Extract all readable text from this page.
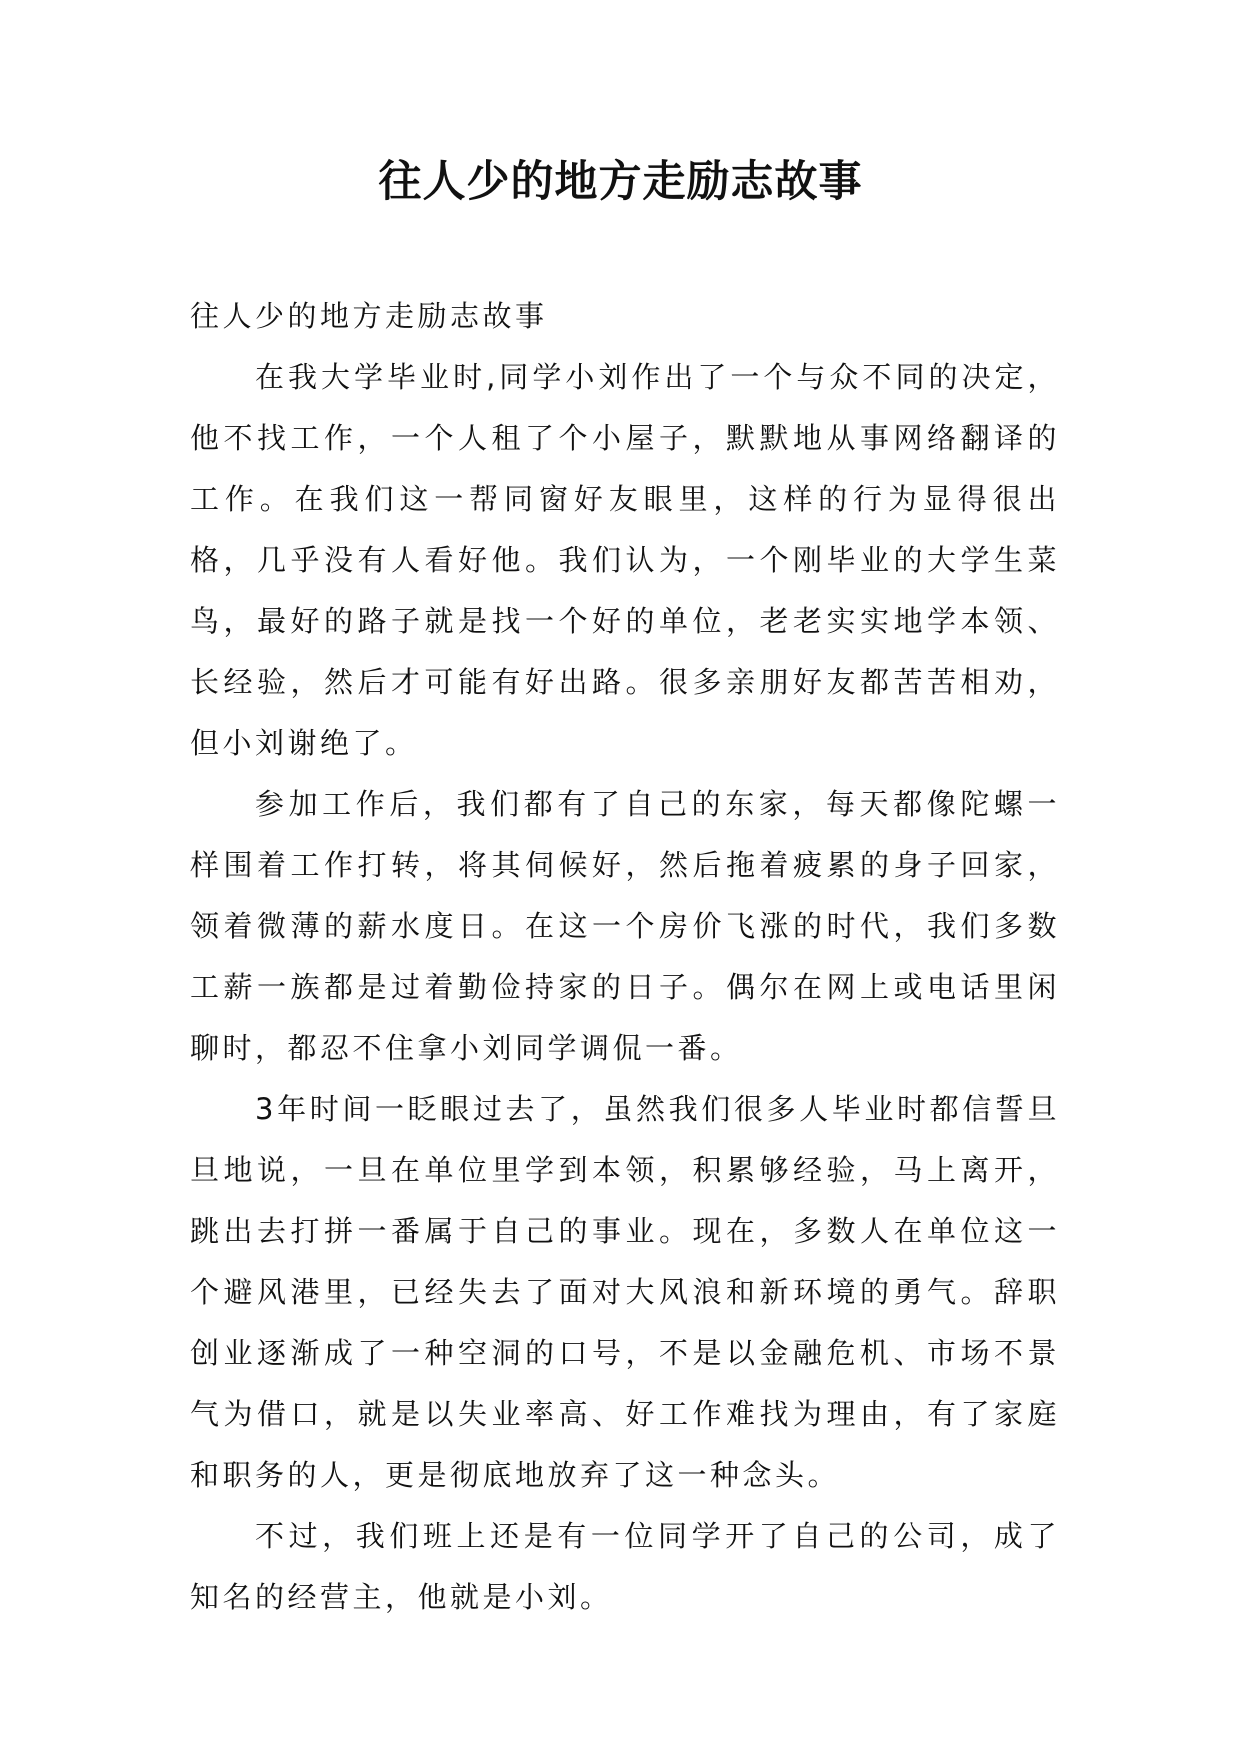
往人少的地方走励志故事

往人少的地方走励志故事

在我大学毕业时,同学小刘作出了一个与众不同的决定，他不找工作，一个人租了个小屋子，默默地从事网络翻译的工作。在我们这一帮同窗好友眼里，这样的行为显得很出格，几乎没有人看好他。我们认为，一个刚毕业的大学生菜鸟，最好的路子就是找一个好的单位，老老实实地学本领、长经验，然后才可能有好出路。很多亲朋好友都苦苦相劝，但小刘谢绝了。

参加工作后，我们都有了自己的东家，每天都像陀螺一样围着工作打转，将其伺候好，然后拖着疲累的身子回家，领着微薄的薪水度日。在这一个房价飞涨的时代，我们多数工薪一族都是过着勤俭持家的日子。偶尔在网上或电话里闲聊时，都忍不住拿小刘同学调侃一番。

3年时间一眨眼过去了，虽然我们很多人毕业时都信誓旦旦地说，一旦在单位里学到本领，积累够经验，马上离开，跳出去打拼一番属于自己的事业。现在，多数人在单位这一个避风港里，已经失去了面对大风浪和新环境的勇气。辞职创业逐渐成了一种空洞的口号，不是以金融危机、市场不景气为借口，就是以失业率高、好工作难找为理由，有了家庭和职务的人，更是彻底地放弃了这一种念头。

不过，我们班上还是有一位同学开了自己的公司，成了知名的经营主，他就是小刘。
